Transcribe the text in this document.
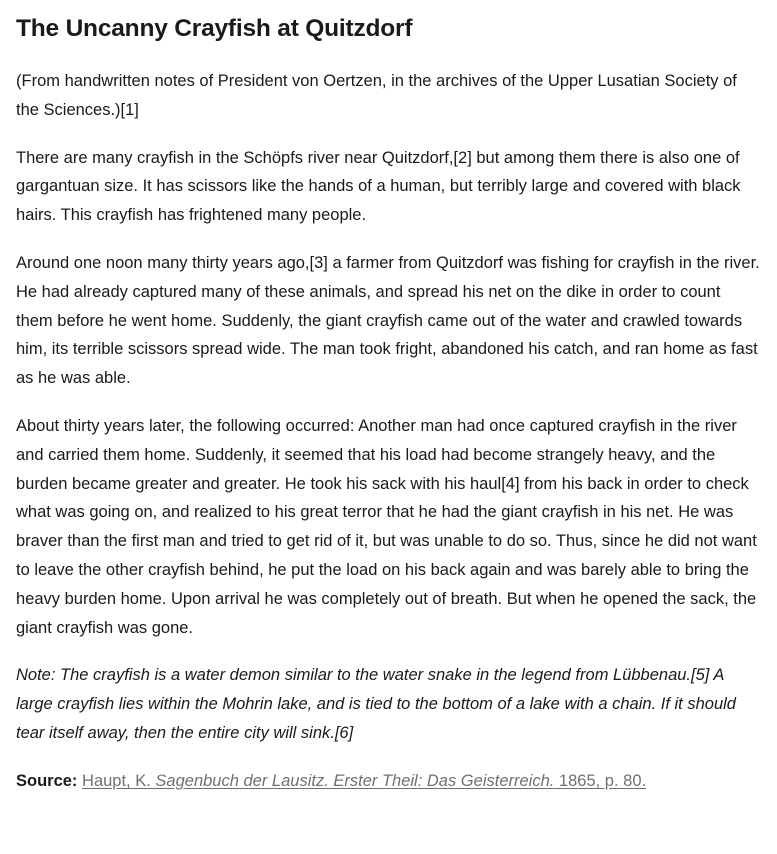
The Uncanny Crayfish at Quitzdorf

(From handwritten notes of President von Oertzen, in the archives of the Upper Lusatian Society of the Sciences.)[1]

There are many crayfish in the Schöpfs river near Quitzdorf,[2] but among them there is also one of gargantuan size. It has scissors like the hands of a human, but terribly large and covered with black hairs. This crayfish has frightened many people.

Around one noon many thirty years ago,[3] a farmer from Quitzdorf was fishing for crayfish in the river. He had already captured many of these animals, and spread his net on the dike in order to count them before he went home. Suddenly, the giant crayfish came out of the water and crawled towards him, its terrible scissors spread wide. The man took fright, abandoned his catch, and ran home as fast as he was able.

About thirty years later, the following occurred: Another man had once captured crayfish in the river and carried them home. Suddenly, it seemed that his load had become strangely heavy, and the burden became greater and greater. He took his sack with his haul[4] from his back in order to check what was going on, and realized to his great terror that he had the giant crayfish in his net. He was braver than the first man and tried to get rid of it, but was unable to do so. Thus, since he did not want to leave the other crayfish behind, he put the load on his back again and was barely able to bring the heavy burden home. Upon arrival he was completely out of breath. But when he opened the sack, the giant crayfish was gone.

Note: The crayfish is a water demon similar to the water snake in the legend from Lübbenau.[5] A large crayfish lies within the Mohrin lake, and is tied to the bottom of a lake with a chain. If it should tear itself away, then the entire city will sink.[6]

Source: Haupt, K. Sagenbuch der Lausitz. Erster Theil: Das Geisterreich. 1865, p. 80.
